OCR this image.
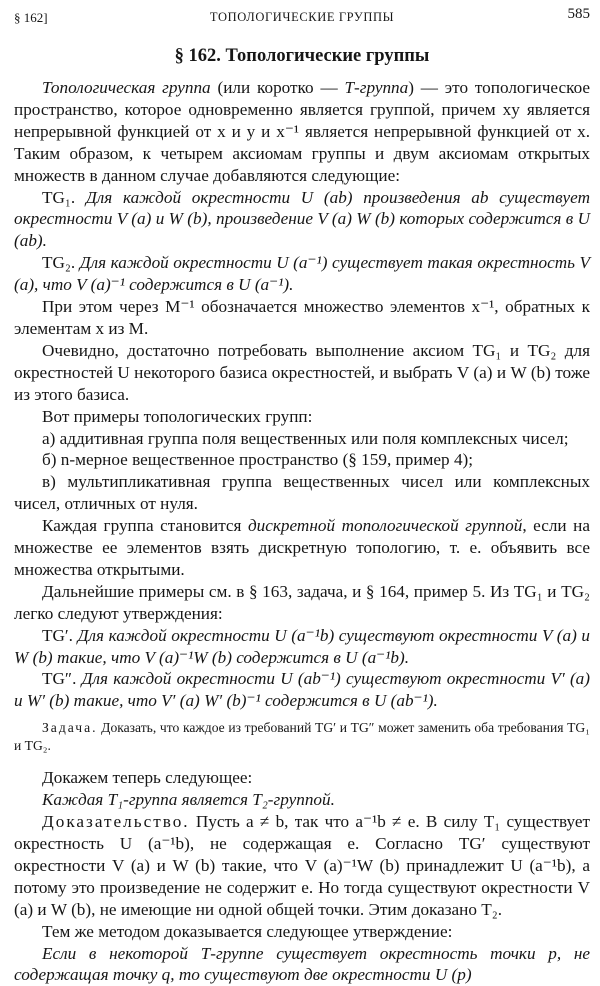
§ 162]	ТОПОЛОГИЧЕСКИЕ ГРУППЫ	585
§ 162. Топологические группы

Топологическая группа (или коротко — Т-группа) — это топологическое пространство, которое одновременно является группой, причем xy является непрерывной функцией от x и y и x⁻¹ является непрерывной функцией от x. Таким образом, к четырем аксиомам группы и двум аксиомам открытых множеств в данном случае добавляются следующие:

TG₁. Для каждой окрестности U (ab) произведения ab существует окрестности V (a) и W (b), произведение V (a) W (b) которых содержится в U (ab).

TG₂. Для каждой окрестности U (a⁻¹) существует такая окрестность V (a), что V (a)⁻¹ содержится в U (a⁻¹).

При этом через M⁻¹ обозначается множество элементов x⁻¹, обратных к элементам x из M.

Очевидно, достаточно потребовать выполнение аксиом TG₁ и TG₂ для окрестностей U некоторого базиса окрестностей, и выбрать V (a) и W (b) тоже из этого базиса.

Вот примеры топологических групп:

а) аддитивная группа поля вещественных или поля комплексных чисел;

б) n-мерное вещественное пространство (§ 159, пример 4);

в) мультипликативная группа вещественных чисел или комплексных чисел, отличных от нуля.

Каждая группа становится дискретной топологической группой, если на множестве ее элементов взять дискретную топологию, т. е. объявить все множества открытыми.

Дальнейшие примеры см. в § 163, задача, и § 164, пример 5. Из TG₁ и TG₂ легко следуют утверждения:

TG′. Для каждой окрестности U (a⁻¹b) существуют окрестности V (a) и W (b) такие, что V (a)⁻¹W (b) содержится в U (a⁻¹b).

TG″. Для каждой окрестности U (ab⁻¹) существуют окрестности V′ (a) и W′ (b) такие, что V′ (a) W′ (b)⁻¹ содержится в U (ab⁻¹).

Задача. Доказать, что каждое из требований TG′ и TG″ может заменить оба требования TG₁ и TG₂.

Докажем теперь следующее:

Каждая T₁-группа является T₂-группой.

Доказательство. Пусть a ≠ b, так что a⁻¹b ≠ e. В силу T₁ существует окрестность U (a⁻¹b), не содержащая e. Согласно TG′ существуют окрестности V (a) и W (b) такие, что V (a)⁻¹W (b) принадлежит U (a⁻¹b), а потому это произведение не содержит e. Но тогда существуют окрестности V (a) и W (b), не имеющие ни одной общей точки. Этим доказано T₂.

Тем же методом доказывается следующее утверждение:

Если в некоторой Т-группе существует окрестность точки p, не содержащая точку q, то существуют две окрестности U (p)
